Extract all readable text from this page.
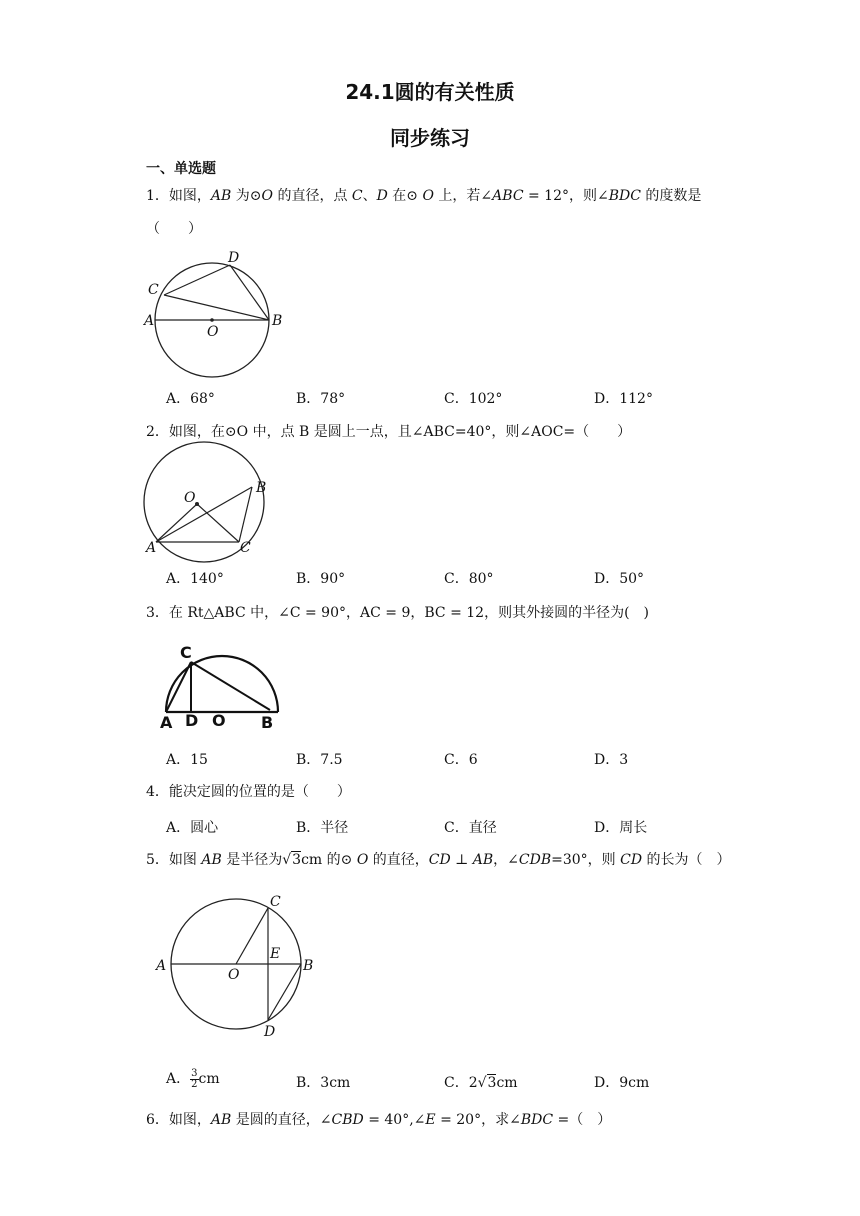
24.1圆的有关性质
同步练习
一、单选题
1．如图，AB 为⊙O 的直径，点 C、D 在⊙ O 上，若∠ABC = 12°，则∠BDC 的度数是
（　　）
D
C
A
O
B
A．68°	B．78°	C．102°	D．112°
2．如图，在⊙O 中，点 B 是圆上一点，且∠ABC=40°，则∠AOC=（　　）
O
B
A	C
A．140°	B．90°	C．80°	D．50°
3．在 Rt△ABC 中，∠C = 90°，AC = 9，BC = 12，则其外接圆的半径为(　)
C
A D O B
A．15	B．7.5	C．6	D．3
4．能决定圆的位置的是（　　）
A．圆心	B．半径	C．直径	D．周长
5．如图 AB 是半径为√3cm 的⊙ O 的直径，CD ⊥ AB，∠CDB=30°，则 CD 的长为（　）
C
A
O
E
B
D
A． $\frac{3}{2}$ cm	B．3cm	C．2√3cm	D．9cm
6．如图，AB 是圆的直径，∠CBD = 40°,∠E = 20°，求∠BDC =（　）
